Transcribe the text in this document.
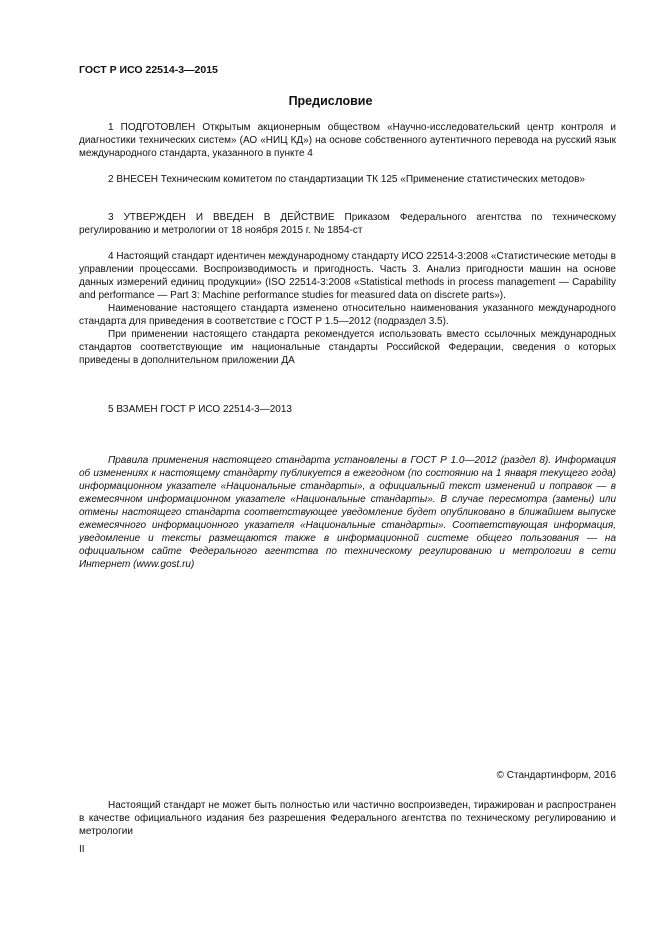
ГОСТ Р ИСО 22514-3—2015
Предисловие

1 ПОДГОТОВЛЕН Открытым акционерным обществом «Научно-исследовательский центр контроля и диагностики технических систем» (АО «НИЦ КД») на основе собственного аутентичного перевода на русский язык международного стандарта, указанного в пункте 4

2 ВНЕСЕН Техническим комитетом по стандартизации ТК 125 «Применение статистических методов»

3 УТВЕРЖДЕН И ВВЕДЕН В ДЕЙСТВИЕ Приказом Федерального агентства по техническому регулированию и метрологии от 18 ноября 2015 г. № 1854-ст

4 Настоящий стандарт идентичен международному стандарту ИСО 22514-3:2008 «Статистические методы в управлении процессами. Воспроизводимость и пригодность. Часть 3. Анализ пригодности машин на основе данных измерений единиц продукции» (ISO 22514-3:2008 «Statistical methods in process management — Capability and performance — Part 3: Machine performance studies for measured data on discrete parts»).

Наименование настоящего стандарта изменено относительно наименования указанного международного стандарта для приведения в соответствие с ГОСТ Р 1.5—2012 (подраздел 3.5).

При применении настоящего стандарта рекомендуется использовать вместо ссылочных международных стандартов соответствующие им национальные стандарты Российской Федерации, сведения о которых приведены в дополнительном приложении ДА

5 ВЗАМЕН ГОСТ Р ИСО 22514-3—2013

Правила применения настоящего стандарта установлены в ГОСТ Р 1.0—2012 (раздел 8). Информация об изменениях к настоящему стандарту публикуется в ежегодном (по состоянию на 1 января текущего года) информационном указателе «Национальные стандарты», а официальный текст изменений и поправок — в ежемесячном информационном указателе «Национальные стандарты». В случае пересмотра (замены) или отмены настоящего стандарта соответствующее уведомление будет опубликовано в ближайшем выпуске ежемесячного информационного указателя «Национальные стандарты». Соответствующая информация, уведомление и тексты размещаются также в информационной системе общего пользования — на официальном сайте Федерального агентства по техническому регулированию и метрологии в сети Интернет (www.gost.ru)

© Стандартинформ, 2016

Настоящий стандарт не может быть полностью или частично воспроизведен, тиражирован и распространен в качестве официального издания без разрешения Федерального агентства по техническому регулированию и метрологии

II
